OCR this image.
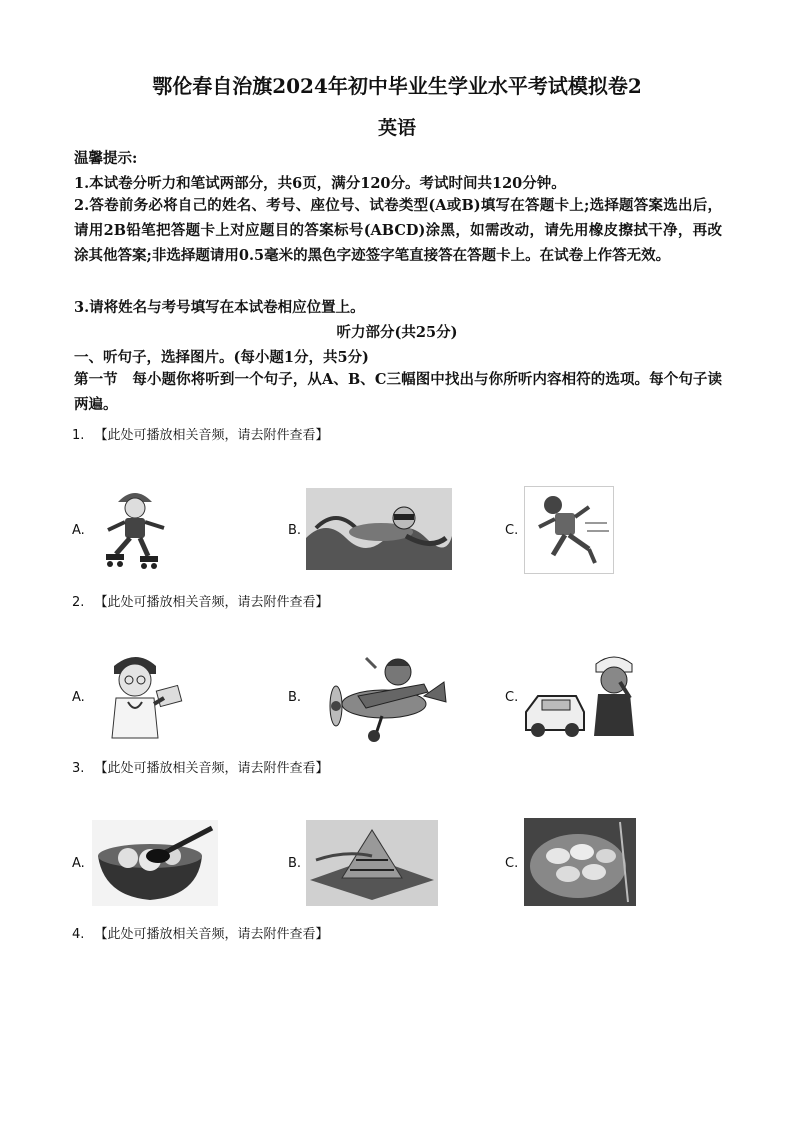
鄂伦春自治旗2024年初中毕业生学业水平考试模拟卷2
英语
温馨提示:
1.本试卷分听力和笔试两部分，共6页，满分120分。考试时间共120分钟。
2.答卷前务必将自己的姓名、考号、座位号、试卷类型(A或B)填写在答题卡上;选择题答案选出后，请用2B铅笔把答题卡上对应题目的答案标号(ABCD)涂黑，如需改动，请先用橡皮擦拭干净，再改涂其他答案;非选择题请用0.5毫米的黑色字迹签字笔直接答在答题卡上。在试卷上作答无效。
3.请将姓名与考号填写在本试卷相应位置上。
听力部分(共25分)
一、听句子，选择图片。(每小题1分，共5分)
第一节　每小题你将听到一个句子，从A、B、C三幅图中找出与你所听内容相符的选项。每个句子读两遍。
1. 【此处可播放相关音频，请去附件查看】
A.	B.	C.
2. 【此处可播放相关音频，请去附件查看】
A.	B.	C.
3. 【此处可播放相关音频，请去附件查看】
A.	B.	C.
4. 【此处可播放相关音频，请去附件查看】
